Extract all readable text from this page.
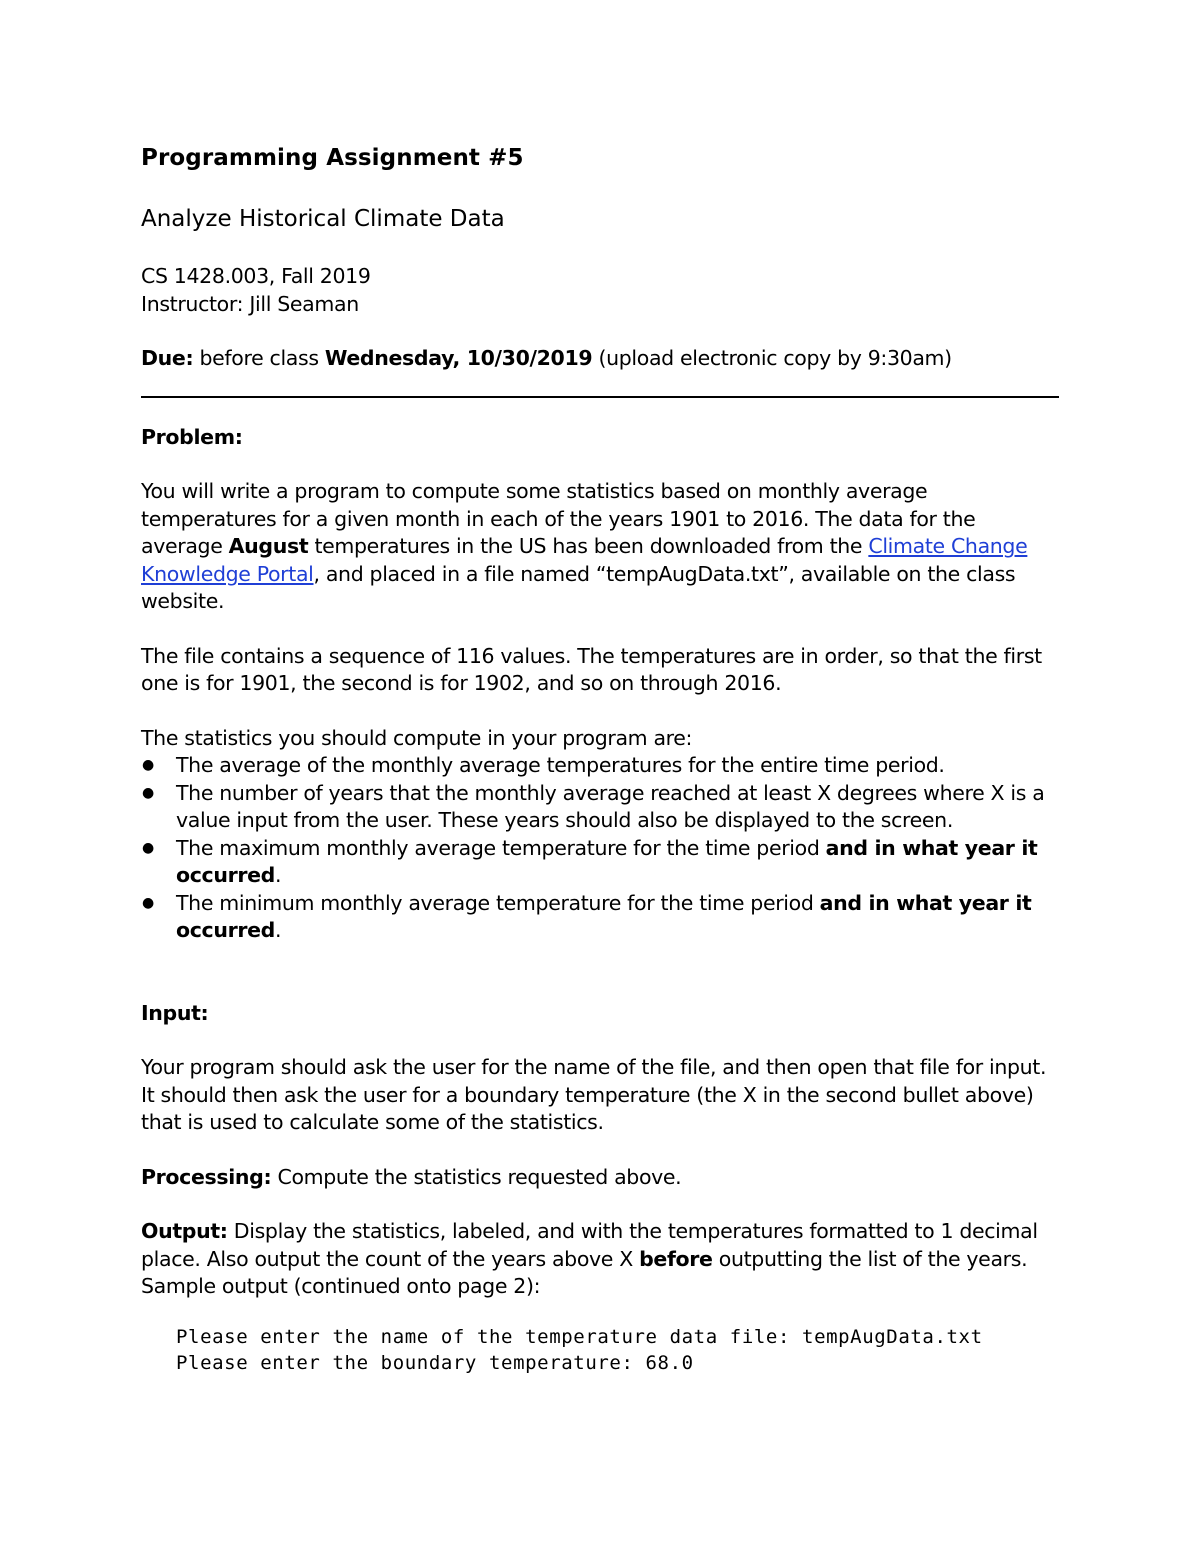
Programming Assignment #5

Analyze Historical Climate Data

CS 1428.003, Fall 2019
Instructor: Jill Seaman

Due: before class Wednesday, 10/30/2019 (upload electronic copy by 9:30am)

Problem:

You will write a program to compute some statistics based on monthly average temperatures for a given month in each of the years 1901 to 2016. The data for the average August temperatures in the US has been downloaded from the Climate Change Knowledge Portal, and placed in a file named “tempAugData.txt”, available on the class website.

The file contains a sequence of 116 values. The temperatures are in order, so that the first one is for 1901, the second is for 1902, and so on through 2016.

The statistics you should compute in your program are:

● The average of the monthly average temperatures for the entire time period.
● The number of years that the monthly average reached at least X degrees where X is a value input from the user. These years should also be displayed to the screen.
● The maximum monthly average temperature for the time period and in what year it occurred.
● The minimum monthly average temperature for the time period and in what year it occurred.

Input:

Your program should ask the user for the name of the file, and then open that file for input. It should then ask the user for a boundary temperature (the X in the second bullet above) that is used to calculate some of the statistics.

Processing: Compute the statistics requested above.

Output: Display the statistics, labeled, and with the temperatures formatted to 1 decimal place. Also output the count of the years above X before outputting the list of the years. Sample output (continued onto page 2):

Please enter the name of the temperature data file: tempAugData.txt
Please enter the boundary temperature: 68.0
